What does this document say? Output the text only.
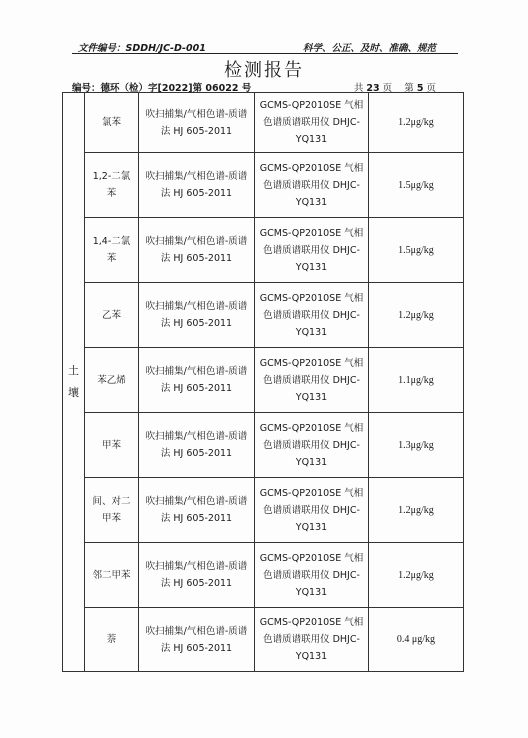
文件编号：SDDH/JC-D-001	科学、公正、及时、准确、规范
检测报告
编号：德环（检）字[2022]第 06022 号	共 23 页 第 5 页
土
壤	氯苯	吹扫捕集/气相色谱-质谱法 HJ 605-2011	GCMS-QP2010SE 气相色谱质谱联用仪 DHJC-YQ131	1.2μg/kg
	1,2-二氯苯	吹扫捕集/气相色谱-质谱法 HJ 605-2011	GCMS-QP2010SE 气相色谱质谱联用仪 DHJC-YQ131	1.5μg/kg
	1,4-二氯苯	吹扫捕集/气相色谱-质谱法 HJ 605-2011	GCMS-QP2010SE 气相色谱质谱联用仪 DHJC-YQ131	1.5μg/kg
	乙苯	吹扫捕集/气相色谱-质谱法 HJ 605-2011	GCMS-QP2010SE 气相色谱质谱联用仪 DHJC-YQ131	1.2μg/kg
	苯乙烯	吹扫捕集/气相色谱-质谱法 HJ 605-2011	GCMS-QP2010SE 气相色谱质谱联用仪 DHJC-YQ131	1.1μg/kg
	甲苯	吹扫捕集/气相色谱-质谱法 HJ 605-2011	GCMS-QP2010SE 气相色谱质谱联用仪 DHJC-YQ131	1.3μg/kg
	间、对二甲苯	吹扫捕集/气相色谱-质谱法 HJ 605-2011	GCMS-QP2010SE 气相色谱质谱联用仪 DHJC-YQ131	1.2μg/kg
	邻二甲苯	吹扫捕集/气相色谱-质谱法 HJ 605-2011	GCMS-QP2010SE 气相色谱质谱联用仪 DHJC-YQ131	1.2μg/kg
	萘	吹扫捕集/气相色谱-质谱法 HJ 605-2011	GCMS-QP2010SE 气相色谱质谱联用仪 DHJC-YQ131	0.4 μg/kg
